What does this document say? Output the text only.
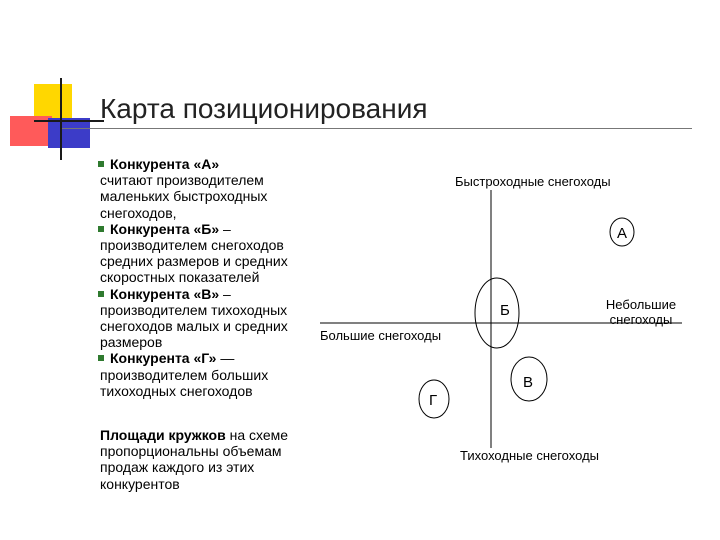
Карта позиционирования
Конкурента «А»
считают производителем маленьких быстроходных снегоходов,
Конкурента «Б» – производителем снегоходов средних размеров и средних скоростных показателей
Конкурента «В» – производителем тихоходных снегоходов малых и средних размеров
Конкурента «Г» — производителем больших тихоходных снегоходов
Площади кружков на схеме пропорциональны объемам продаж каждого из этих конкурентов
Быстроходные снегоходы
Тихоходные снегоходы
Большие снегоходы
Небольшие
снегоходы
А
Б
В
Г
